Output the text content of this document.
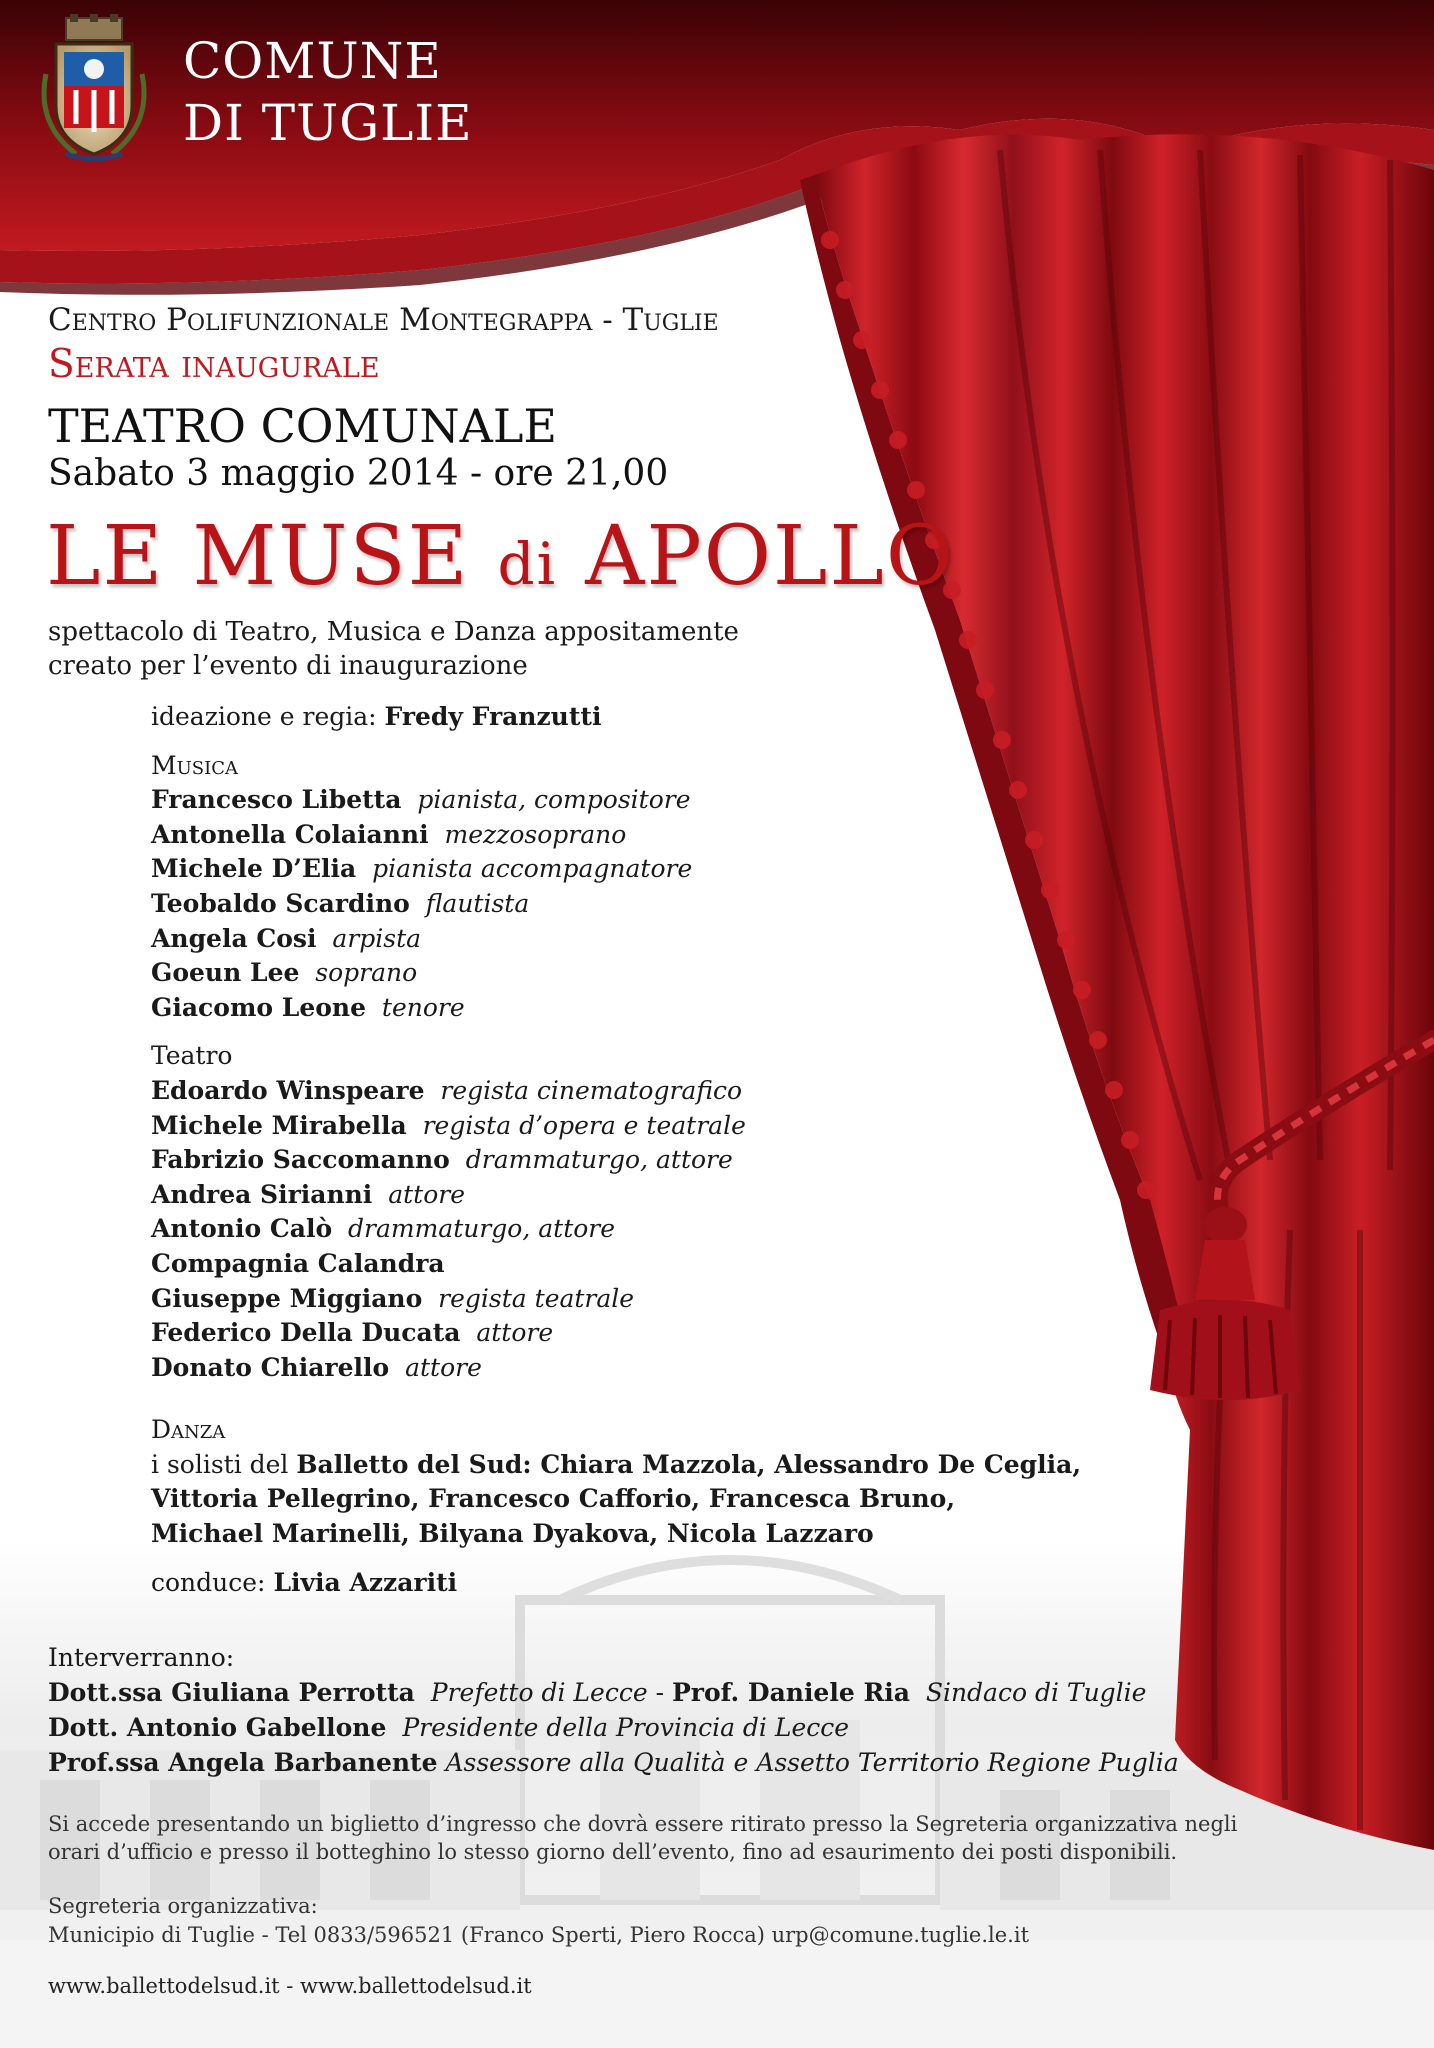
COMUNE
DI TUGLIE

Centro Polifunzionale Montegrappa - Tuglie

Serata inaugurale

TEATRO COMUNALE

Sabato 3 maggio 2014 - ore 21,00

LE MUSE di APOLLO

spettacolo di Teatro, Musica e Danza appositamente creato per l’evento di inaugurazione

ideazione e regia: Fredy Franzutti
Musica
Francesco Libetta pianista, compositore
Antonella Colaianni mezzosoprano
Michele D’Elia pianista accompagnatore
Teobaldo Scardino flautista
Angela Cosi arpista
Goeun Lee soprano
Giacomo Leone tenore
Teatro
Edoardo Winspeare regista cinematografico
Michele Mirabella regista d’opera e teatrale
Fabrizio Saccomanno drammaturgo, attore
Andrea Sirianni attore
Antonio Calò drammaturgo, attore
Compagnia Calandra
Giuseppe Miggiano regista teatrale
Federico Della Ducata attore
Donato Chiarello attore
Danza
i solisti del Balletto del Sud: Chiara Mazzola, Alessandro De Ceglia,
Vittoria Pellegrino, Francesco Cafforio, Francesca Bruno,
Michael Marinelli, Bilyana Dyakova, Nicola Lazzaro
conduce: Livia Azzariti
Interverranno:
Dott.ssa Giuliana Perrotta Prefetto di Lecce - Prof. Daniele Ria Sindaco di Tuglie
Dott. Antonio Gabellone Presidente della Provincia di Lecce
Prof.ssa Angela Barbanente Assessore alla Qualità e Assetto Territorio Regione Puglia
Si accede presentando un biglietto d’ingresso che dovrà essere ritirato presso la Segreteria organizzativa negli
orari d’ufficio e presso il botteghino lo stesso giorno dell’evento, fino ad esaurimento dei posti disponibili.
Segreteria organizzativa:
Municipio di Tuglie - Tel 0833/596521 (Franco Sperti, Piero Rocca) urp@comune.tuglie.le.it
www.ballettodelsud.it - www.ballettodelsud.it
